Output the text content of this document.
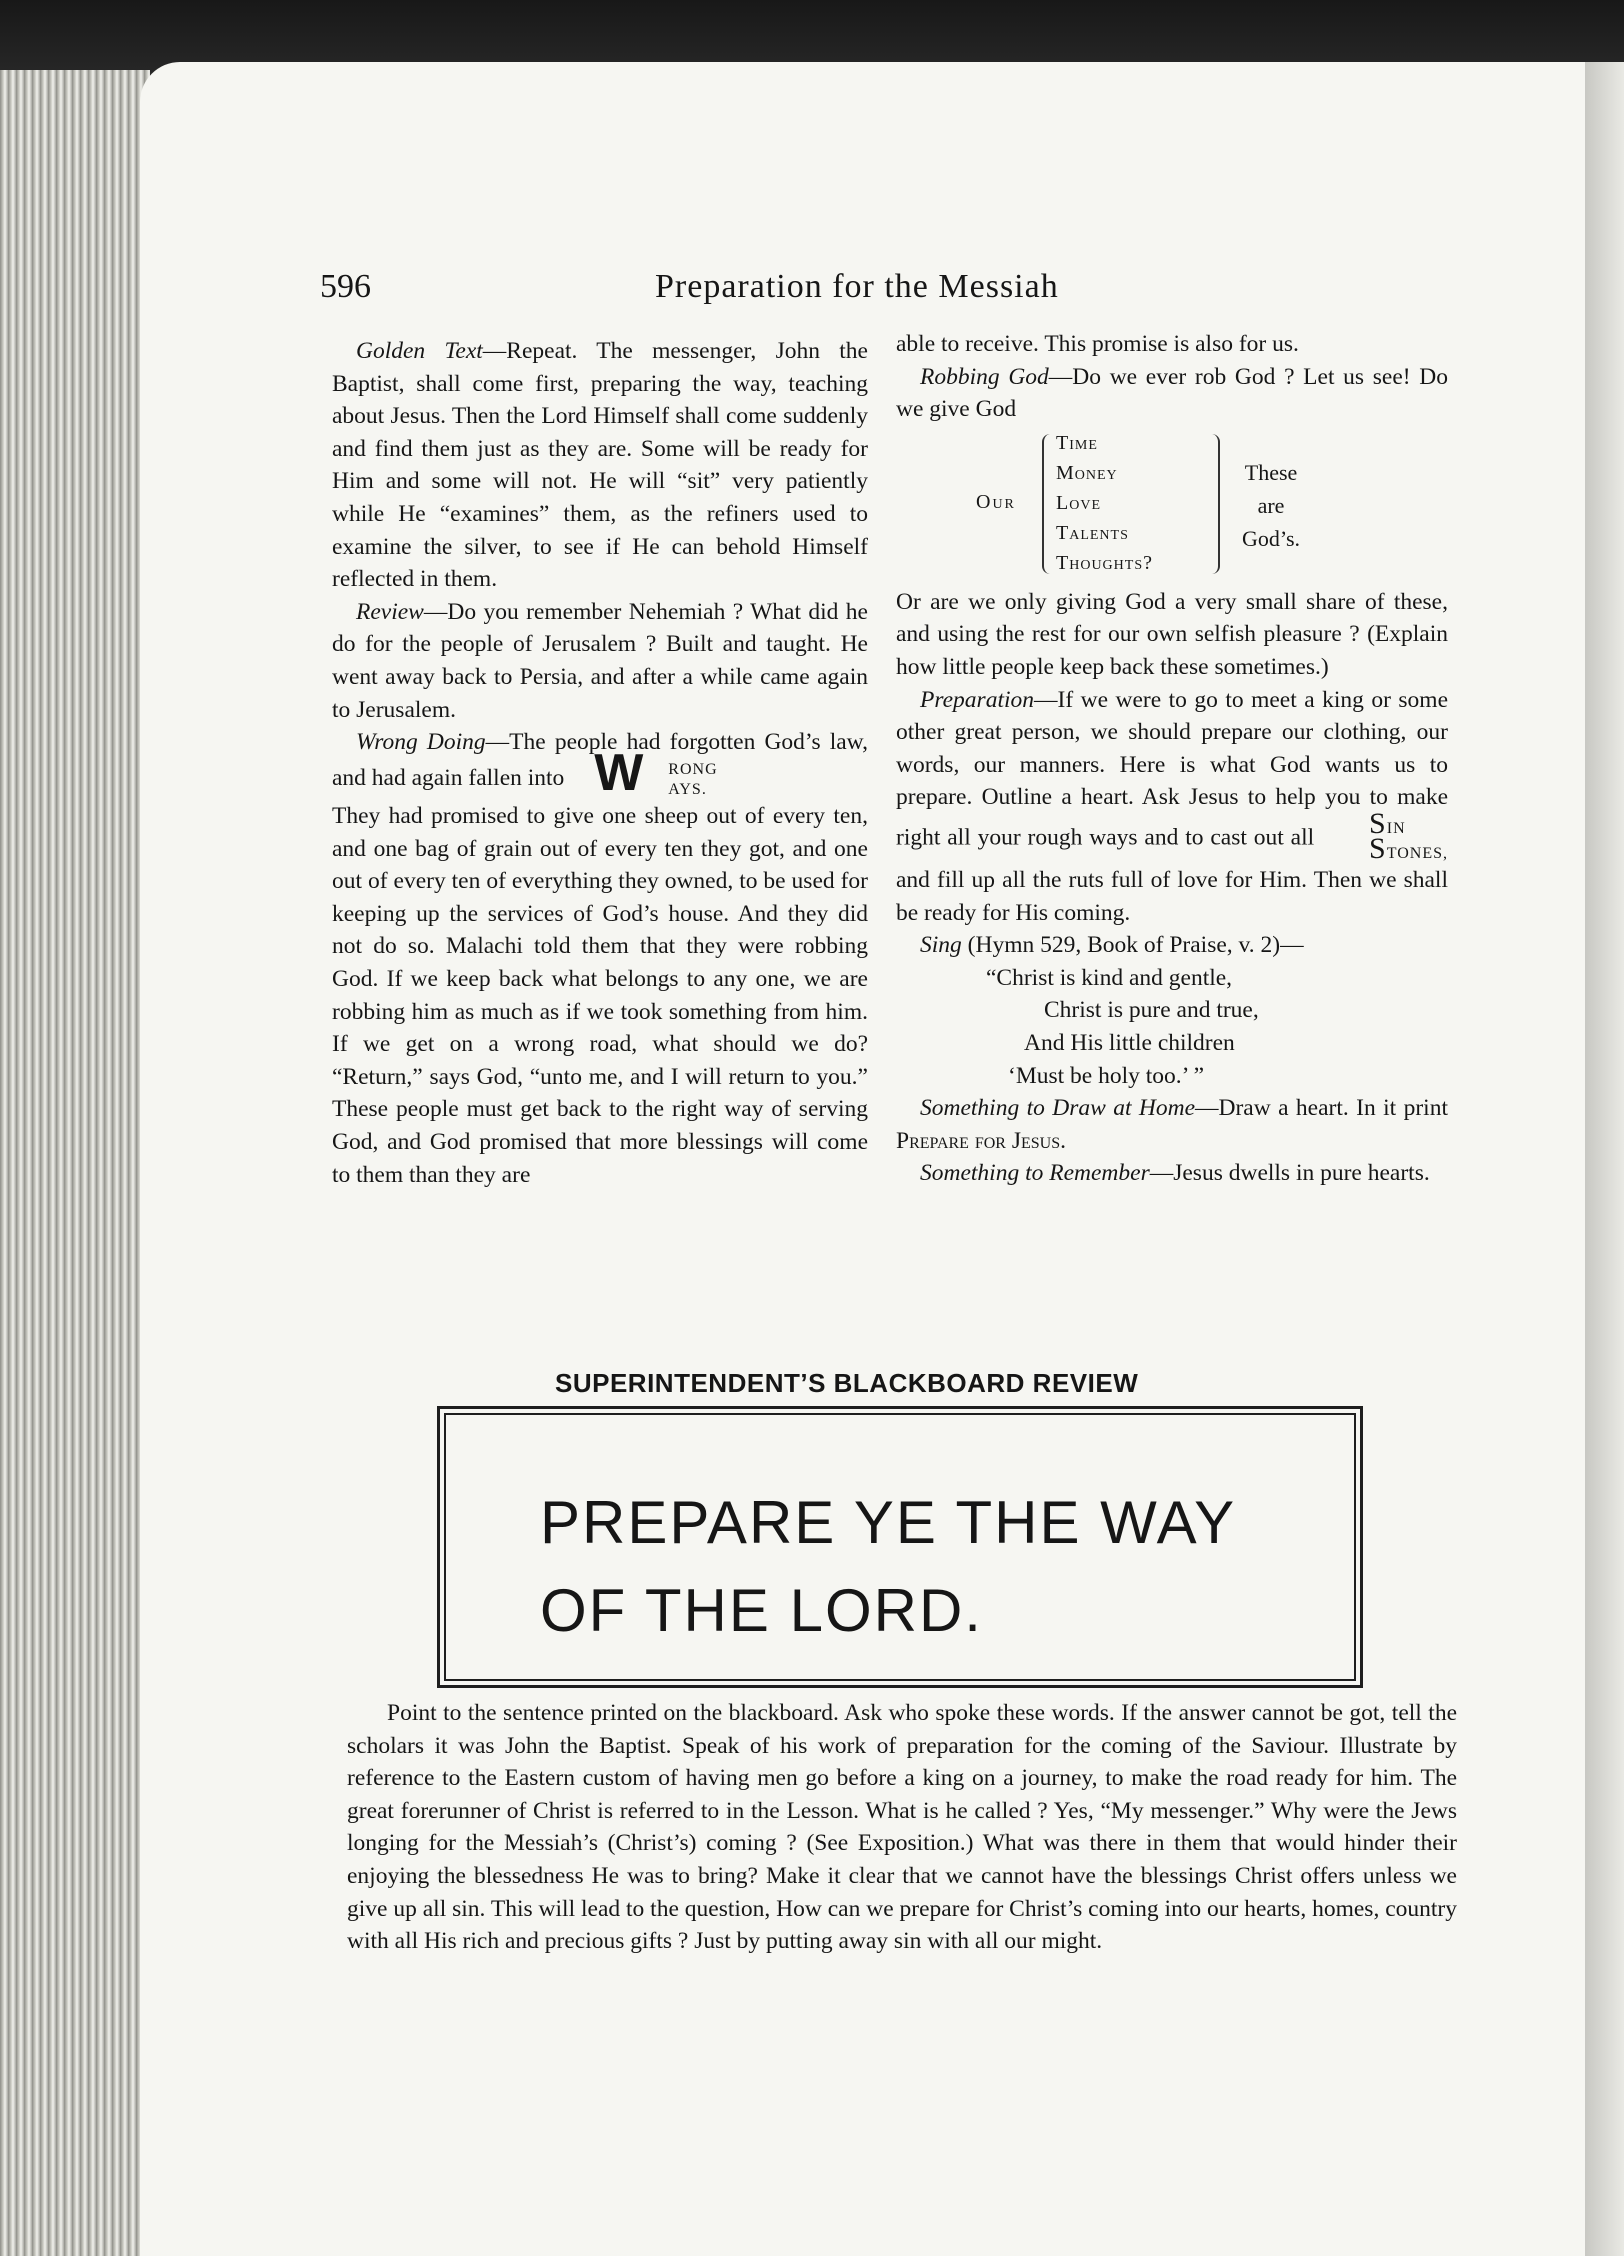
596	Preparation for the Messiah

Golden Text—Repeat. The messenger, John the Baptist, shall come first, preparing the way, teaching about Jesus. Then the Lord Himself shall come suddenly and find them just as they are. Some will be ready for Him and some will not. He will “sit” very patiently while He “examines” them, as the refiners used to examine the silver, to see if He can behold Himself reflected in them.

Review—Do you remember Nehemiah ? What did he do for the people of Jerusalem ? Built and taught. He went away back to Persia, and after a while came again to Jerusalem.

Wrong Doing—The people had forgotten God’s law, and had again fallen into W	RONG
AYS.

They had promised to give one sheep out of every ten, and one bag of grain out of every ten they got, and one out of every ten of everything they owned, to be used for keeping up the services of God’s house. And they did not do so. Malachi told them that they were robbing God. If we keep back what belongs to any one, we are robbing him as much as if we took something from him. If we get on a wrong road, what should we do? “Return,” says God, “unto me, and I will return to you.” These people must get back to the right way of serving God, and God promised that more blessings will come to them than they are

able to receive. This promise is also for us.

Robbing God—Do we ever rob God ? Let us see! Do we give God

Our
Time
Money
Love
Talents
Thoughts?
These
are
God’s.

Or are we only giving God a very small share of these, and using the rest for our own selfish pleasure ? (Explain how little people keep back these sometimes.)

Preparation—If we were to go to meet a king or some other great person, we should prepare our clothing, our words, our manners. Here is what God wants us to prepare. Outline a heart. Ask Jesus to help you to make right all your rough ways and to cast out all	SIN
STONES,
and fill up all the ruts full of love for Him. Then we shall be ready for His coming.

Sing (Hymn 529, Book of Praise, v. 2)—

“Christ is kind and gentle,

Christ is pure and true,

And His little children

‘Must be holy too.’ ”

Something to Draw at Home—Draw a heart. In it print Prepare for Jesus.

Something to Remember—Jesus dwells in pure hearts.

SUPERINTENDENT’S BLACKBOARD REVIEW
PREPARE YE THE WAY
OF THE LORD.
Point to the sentence printed on the blackboard. Ask who spoke these words. If the answer cannot be got, tell the scholars it was John the Baptist. Speak of his work of preparation for the coming of the Saviour. Illustrate by reference to the Eastern custom of having men go before a king on a journey, to make the road ready for him. The great forerunner of Christ is referred to in the Lesson. What is he called ? Yes, “My messenger.” Why were the Jews longing for the Messiah’s (Christ’s) coming ? (See Exposition.) What was there in them that would hinder their enjoying the blessedness He was to bring? Make it clear that we cannot have the blessings Christ offers unless we give up all sin. This will lead to the question, How can we prepare for Christ’s coming into our hearts, homes, country with all His rich and precious gifts ? Just by putting away sin with all our might.
